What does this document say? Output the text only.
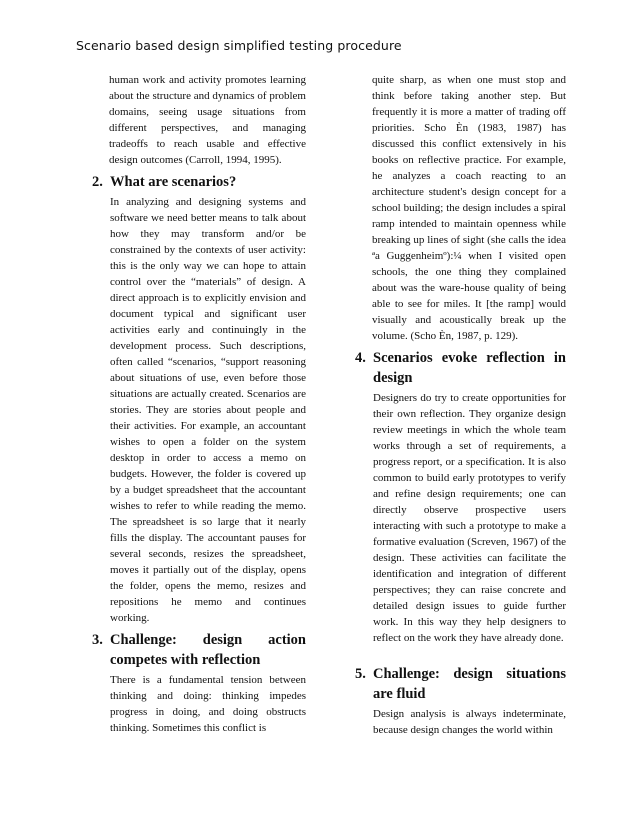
Scenario based design simplified testing procedure

human work and activity promotes learning about the structure and dynamics of problem domains, seeing usage situations from different perspectives, and managing tradeoffs to reach usable and effective design outcomes (Carroll, 1994, 1995).

2. What are scenarios?

In analyzing and designing systems and software we need better means to talk about how they may transform and/or be constrained by the contexts of user activity: this is the only way we can hope to attain control over the “materials” of design. A direct approach is to explicitly envision and document typical and significant user activities early and continuingly in the development process. Such descriptions, often called “scenarios, “support reasoning about situations of use, even before those situations are actually created. Scenarios are stories. They are stories about people and their activities. For example, an accountant wishes to open a folder on the system desktop in order to access a memo on budgets. However, the folder is covered up by a budget spreadsheet that the accountant wishes to refer to while reading the memo. The spreadsheet is so large that it nearly fills the display. The accountant pauses for several seconds, resizes the spreadsheet, moves it partially out of the display, opens the folder, opens the memo, resizes and repositions he memo and continues working.

3. Challenge: design action competes with reflection

There is a fundamental tension between thinking and doing: thinking impedes progress in doing, and doing obstructs thinking. Sometimes this conflict is

quite sharp, as when one must stop and think before taking another step. But frequently it is more a matter of trading off priorities. Scho Èn (1983, 1987) has discussed this conflict extensively in his books on reflective practice. For example, he analyzes a coach reacting to an architecture student's design concept for a school building; the design includes a spiral ramp intended to maintain openness while breaking up lines of sight (she calls the idea ªa Guggenheimº):¼ when I visited open schools, the one thing they complained about was the ware-house quality of being able to see for miles. It [the ramp] would visually and acoustically break up the volume. (Scho Èn, 1987, p. 129).

4. Scenarios evoke reflection in design

Designers do try to create opportunities for their own reflection. They organize design review meetings in which the whole team works through a set of requirements, a progress report, or a specification. It is also common to build early prototypes to verify and refine design requirements; one can directly observe prospective users interacting with such a prototype to make a formative evaluation (Screven, 1967) of the design. These activities can facilitate the identification and integration of different perspectives; they can raise concrete and detailed design issues to guide further work. In this way they help designers to reflect on the work they have already done.

5. Challenge: design situations are fluid

Design analysis is always indeterminate, because design changes the world within
